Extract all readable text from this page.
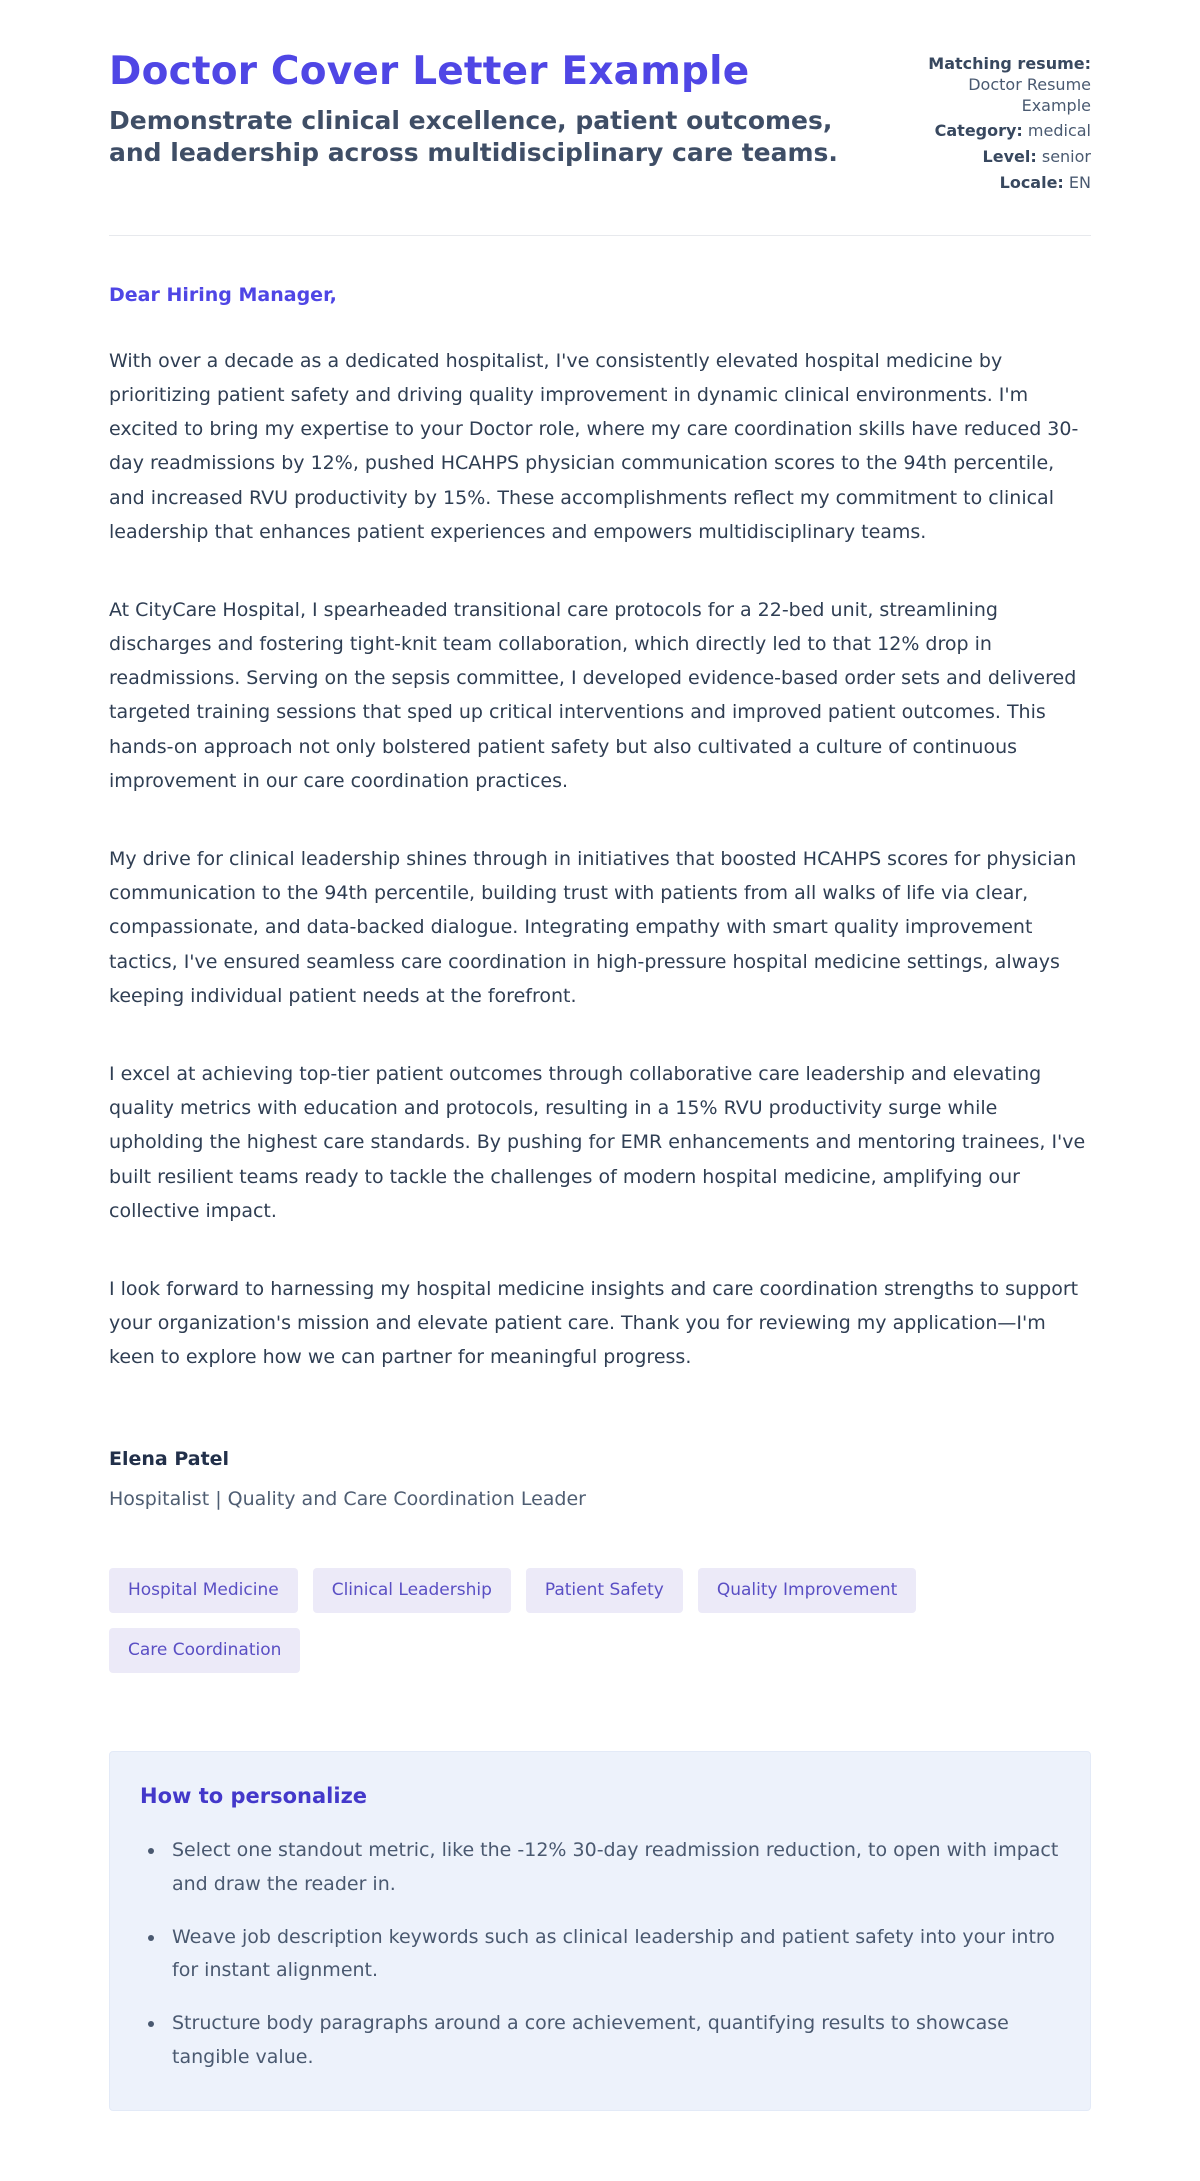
Doctor Cover Letter Example

Demonstrate clinical excellence, patient outcomes, and leadership across multidisciplinary care teams.

Matching resume:
Doctor Resume Example
Category: medical
Level: senior
Locale: EN

Dear Hiring Manager,

With over a decade as a dedicated hospitalist, I've consistently elevated hospital medicine by prioritizing patient safety and driving quality improvement in dynamic clinical environments. I'm excited to bring my expertise to your Doctor role, where my care coordination skills have reduced 30-day readmissions by 12%, pushed HCAHPS physician communication scores to the 94th percentile, and increased RVU productivity by 15%. These accomplishments reflect my commitment to clinical leadership that enhances patient experiences and empowers multidisciplinary teams.

At CityCare Hospital, I spearheaded transitional care protocols for a 22-bed unit, streamlining discharges and fostering tight-knit team collaboration, which directly led to that 12% drop in readmissions. Serving on the sepsis committee, I developed evidence-based order sets and delivered targeted training sessions that sped up critical interventions and improved patient outcomes. This hands-on approach not only bolstered patient safety but also cultivated a culture of continuous improvement in our care coordination practices.

My drive for clinical leadership shines through in initiatives that boosted HCAHPS scores for physician communication to the 94th percentile, building trust with patients from all walks of life via clear, compassionate, and data-backed dialogue. Integrating empathy with smart quality improvement tactics, I've ensured seamless care coordination in high-pressure hospital medicine settings, always keeping individual patient needs at the forefront.

I excel at achieving top-tier patient outcomes through collaborative care leadership and elevating quality metrics with education and protocols, resulting in a 15% RVU productivity surge while upholding the highest care standards. By pushing for EMR enhancements and mentoring trainees, I've built resilient teams ready to tackle the challenges of modern hospital medicine, amplifying our collective impact.

I look forward to harnessing my hospital medicine insights and care coordination strengths to support your organization's mission and elevate patient care. Thank you for reviewing my application—I'm keen to explore how we can partner for meaningful progress.

Elena Patel

Hospitalist | Quality and Care Coordination Leader

Hospital Medicine	Clinical Leadership	Patient Safety	Quality Improvement
Care Coordination
How to personalize
• Select one standout metric, like the -12% 30-day readmission reduction, to open with impact and draw the reader in.
• Weave job description keywords such as clinical leadership and patient safety into your intro for instant alignment.
• Structure body paragraphs around a core achievement, quantifying results to showcase tangible value.
